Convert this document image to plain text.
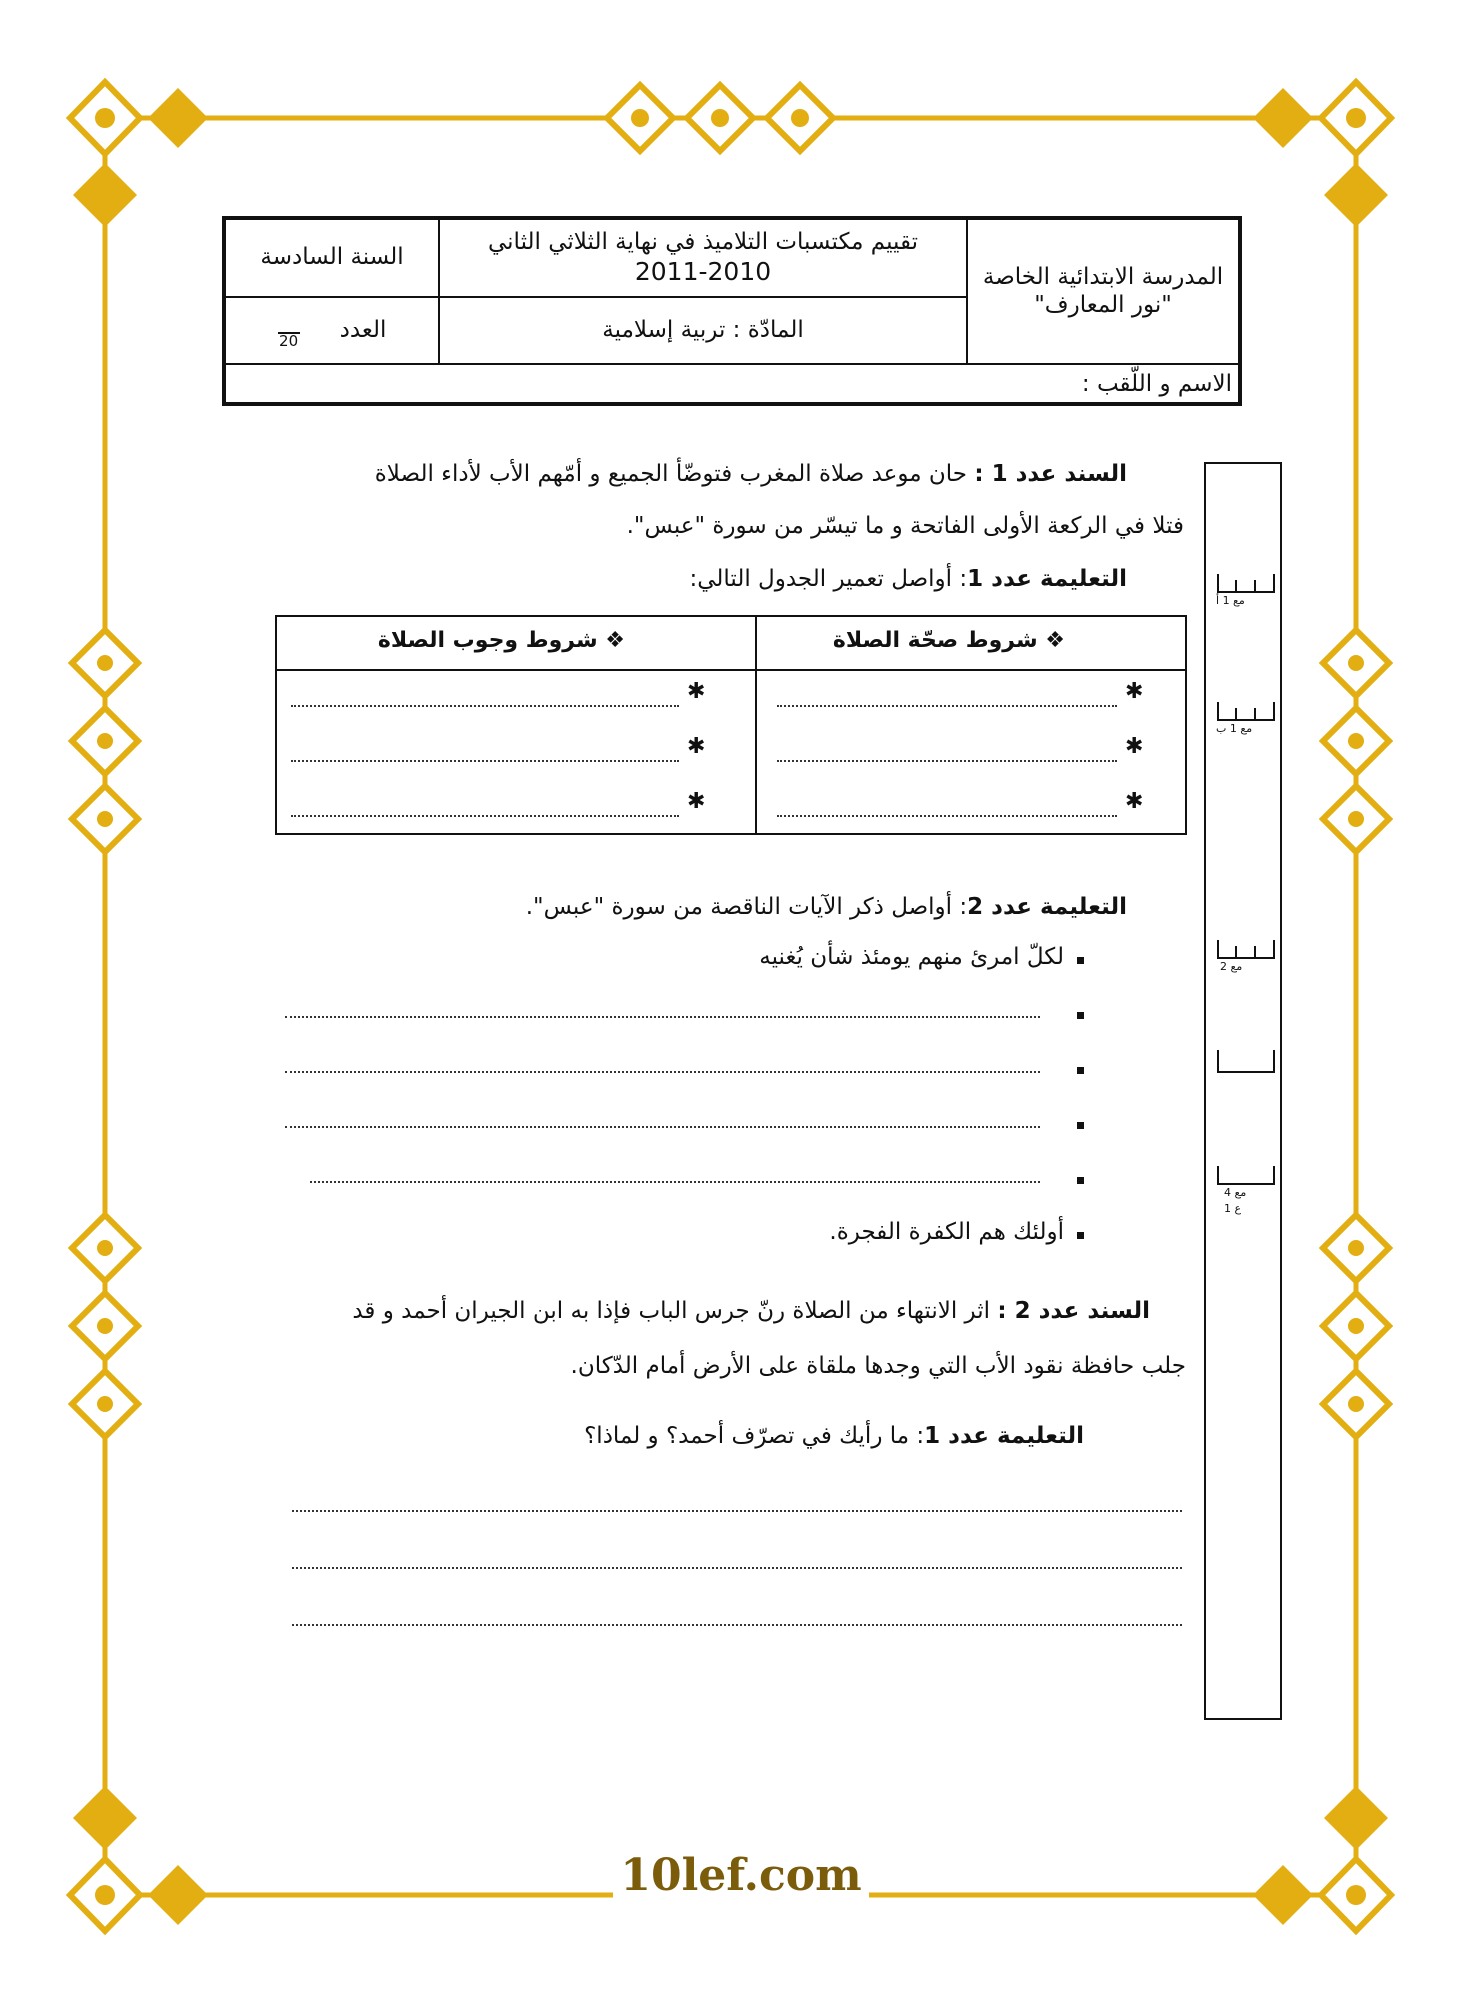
المدرسة الابتدائية الخاصة
"نور المعارف"
تقييم مكتسبات التلاميذ في نهاية الثلاثي الثاني
2011-2010
السنة السادسة
المادّة : تربية إسلامية
العدد
20
الاسم و اللّقب :
مع 1 أ
مع 1 ب
مع 2
مع 4
ع 1
السند عدد 1 : حان موعد صلاة المغرب فتوضّأ الجميع و أمّهم الأب لأداء الصلاة
فتلا في الركعة الأولى الفاتحة و ما تيسّر من سورة "عبس".
التعليمة عدد 1: أواصل تعمير الجدول التالي:
❖ شروط صحّة الصلاة
❖ شروط وجوب الصلاة
✱
✱
✱
✱
✱
✱
التعليمة عدد 2: أواصل ذكر الآيات الناقصة من سورة "عبس".
لكلّ امرئ منهم يومئذ شأن يُغنيه
أولئك هم الكفرة الفجرة.
السند عدد 2 : اثر الانتهاء من الصلاة رنّ جرس الباب فإذا به ابن الجيران أحمد و قد
جلب حافظة نقود الأب التي وجدها ملقاة على الأرض أمام الدّكان.
التعليمة عدد 1: ما رأيك في تصرّف أحمد؟ و لماذا؟
10lef.com
